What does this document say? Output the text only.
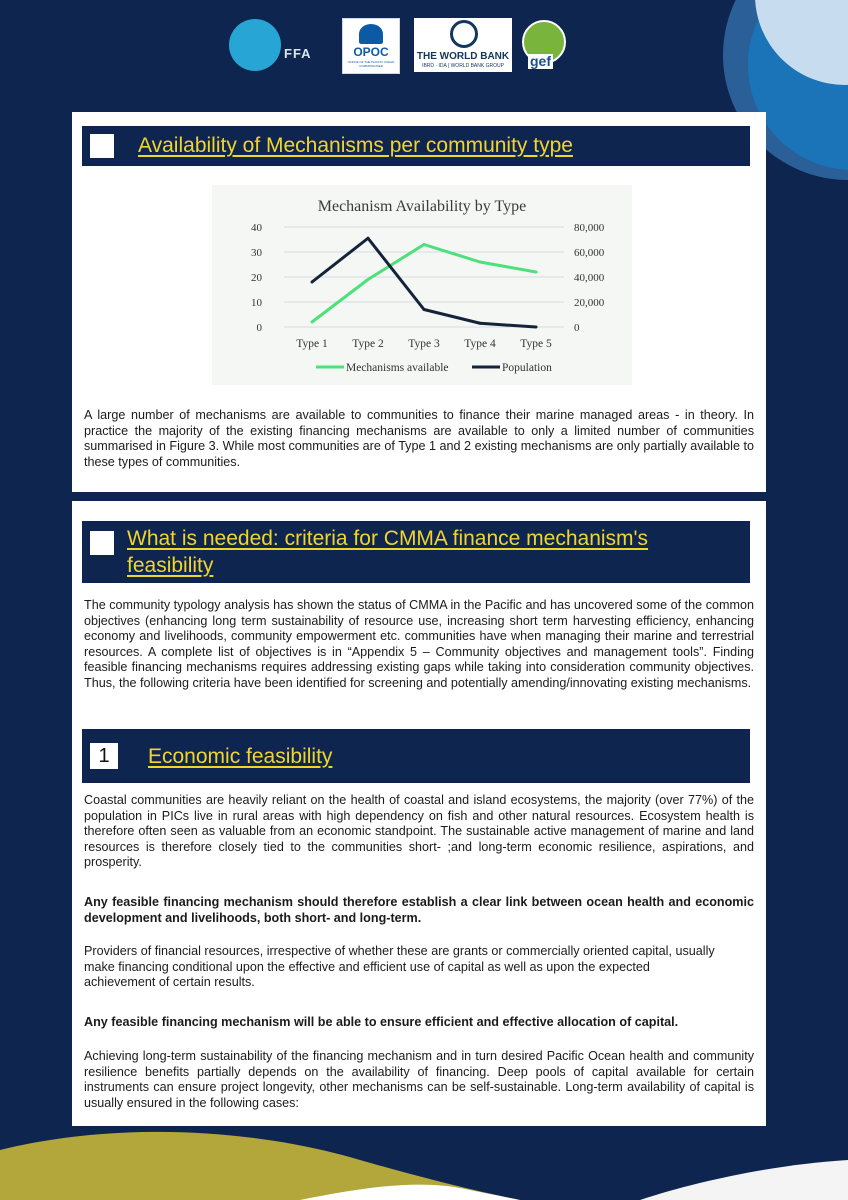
FFA	OPOC
OFFICE OF THE PACIFIC OCEAN COMMISSIONER
THE WORLD BANK
IBRD · IDA | WORLD BANK GROUP	gef
Availability of Mechanisms per community type
Mechanism Availability by Type
0
10
20
30
40
0
20,000
40,000
60,000
80,000
Type 1 Type 2 Type 3 Type 4 Type 5
Mechanisms available	Population

A large number of mechanisms are available to communities to finance their marine managed areas - in theory. In practice the majority of the existing financing mechanisms are available to only a limited number of communities summarised in Figure 3. While most communities are of Type 1 and 2 existing mechanisms are only partially available to these types of communities.

What is needed: criteria for CMMA finance mechanism's
feasibility

The community typology analysis has shown the status of CMMA in the Pacific and has uncovered some of the common objectives (enhancing long term sustainability of resource use, increasing short term harvesting efficiency, enhancing economy and livelihoods, community empowerment etc. communities have when managing their marine and terrestrial resources. A complete list of objectives is in “Appendix 5 – Community objectives and management tools”. Finding feasible financing mechanisms requires addressing existing gaps while taking into consideration community objectives. Thus, the following criteria have been identified for screening and potentially amending/innovating existing mechanisms.

1	Economic feasibility

Coastal communities are heavily reliant on the health of coastal and island ecosystems, the majority (over 77%) of the population in PICs live in rural areas with high dependency on fish and other natural resources. Ecosystem health is therefore often seen as valuable from an economic standpoint. The sustainable active management of marine and land resources is therefore closely tied to the communities short- ;and long-term economic resilience, aspirations, and prosperity.

Any feasible financing mechanism should therefore establish a clear link between ocean health and economic development and livelihoods, both short- and long-term.

Providers of financial resources, irrespective of whether these are grants or commercially oriented capital, usually make financing conditional upon the effective and efficient use of capital as well as upon the expected achievement of certain results.

Any feasible financing mechanism will be able to ensure efficient and effective allocation of capital.

Achieving long-term sustainability of the financing mechanism and in turn desired Pacific Ocean health and community resilience benefits partially depends on the availability of financing. Deep pools of capital available for certain instruments can ensure project longevity, other mechanisms can be self-sustainable. Long-term availability of capital is usually ensured in the following cases:
